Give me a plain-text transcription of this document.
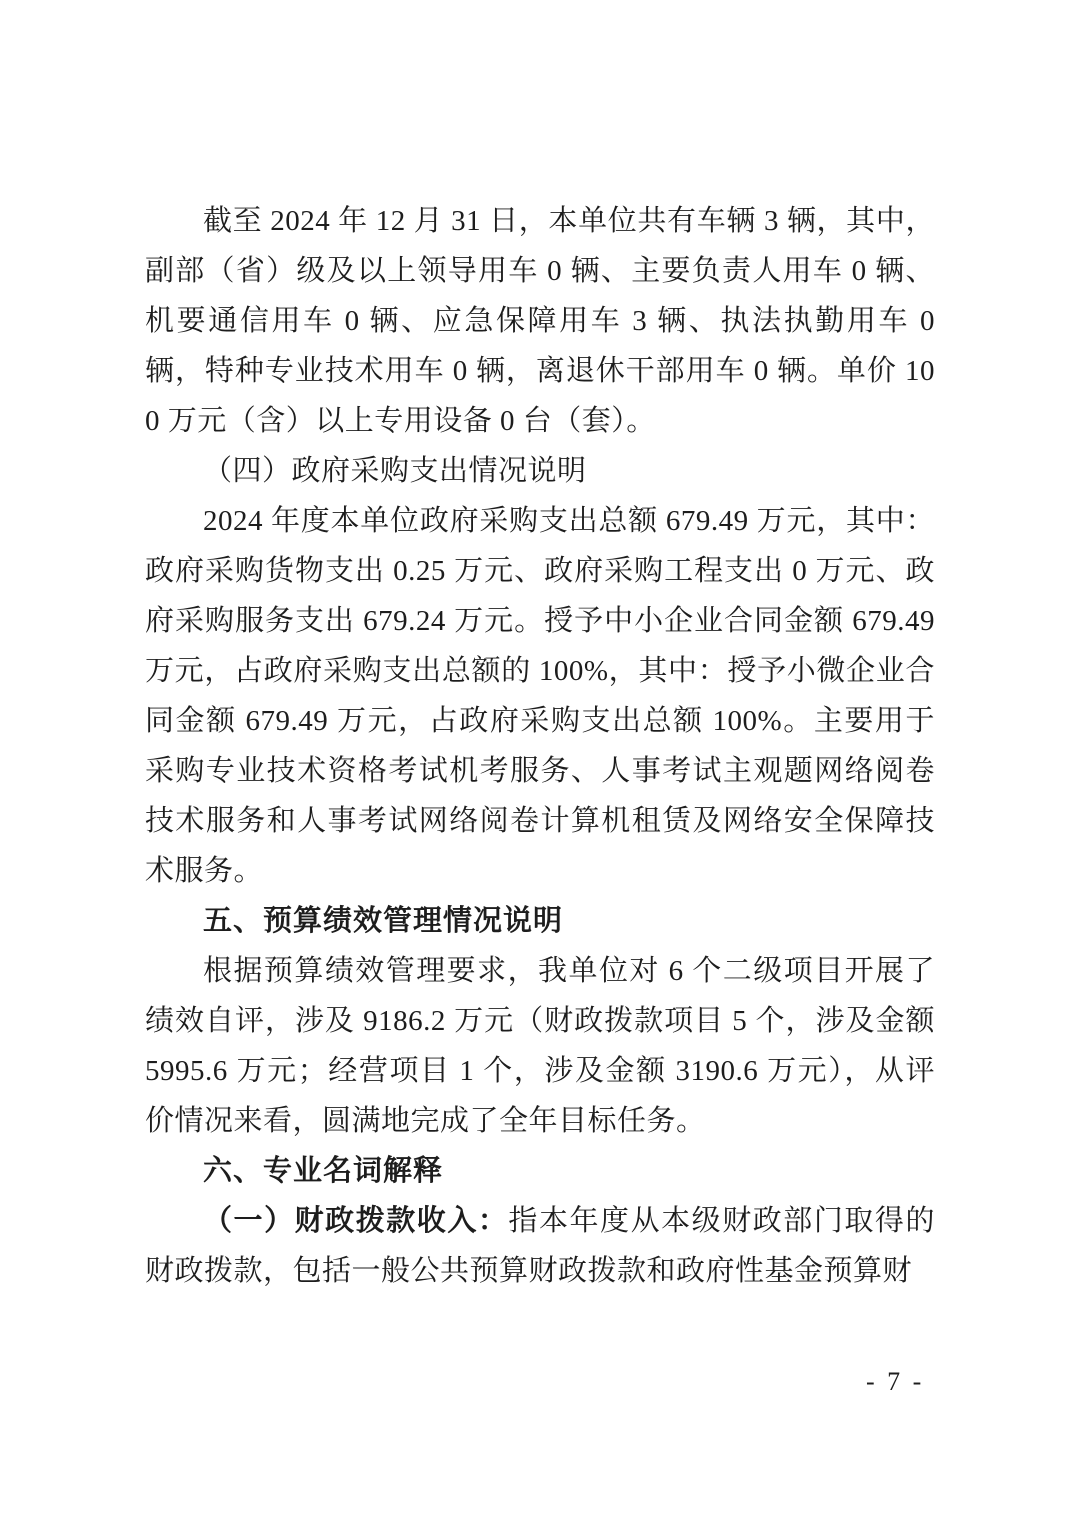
截至 2024 年 12 月 31 日，本单位共有车辆 3 辆，其中，副部（省）级及以上领导用车 0 辆、主要负责人用车 0 辆、机要通信用车 0 辆、应急保障用车 3 辆、执法执勤用车 0 辆，特种专业技术用车 0 辆，离退休干部用车 0 辆。单价 100 万元（含）以上专用设备 0 台（套）。

（四）政府采购支出情况说明

2024 年度本单位政府采购支出总额 679.49 万元，其中：政府采购货物支出 0.25 万元、政府采购工程支出 0 万元、政府采购服务支出 679.24 万元。授予中小企业合同金额 679.49 万元，占政府采购支出总额的 100%，其中：授予小微企业合同金额 679.49 万元，占政府采购支出总额 100%。主要用于采购专业技术资格考试机考服务、人事考试主观题网络阅卷技术服务和人事考试网络阅卷计算机租赁及网络安全保障技术服务。

五、预算绩效管理情况说明

根据预算绩效管理要求，我单位对 6 个二级项目开展了绩效自评，涉及 9186.2 万元（财政拨款项目 5 个，涉及金额 5995.6 万元；经营项目 1 个，涉及金额 3190.6 万元），从评价情况来看，圆满地完成了全年目标任务。

六、专业名词解释

（一）财政拨款收入：指本年度从本级财政部门取得的财政拨款，包括一般公共预算财政拨款和政府性基金预算财

- 7 -
